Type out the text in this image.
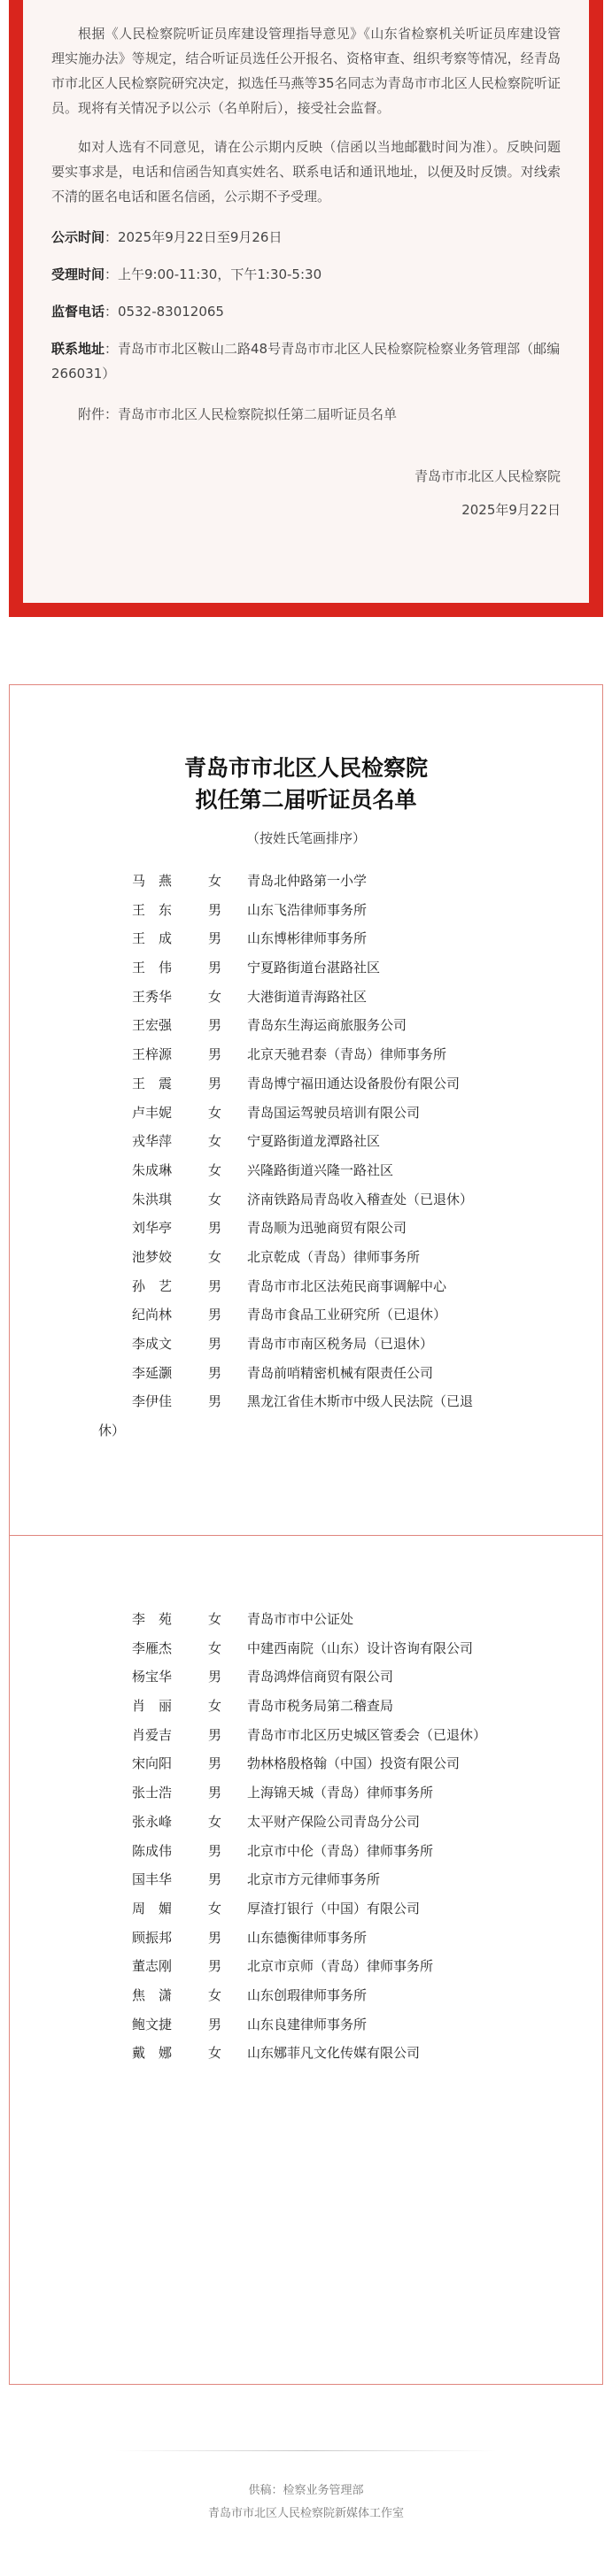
根据《人民检察院听证员库建设管理指导意见》《山东省检察机关听证员库建设管理实施办法》等规定，结合听证员选任公开报名、资格审查、组织考察等情况，经青岛市市北区人民检察院研究决定，拟选任马燕等35名同志为青岛市市北区人民检察院听证员。现将有关情况予以公示（名单附后），接受社会监督。

如对人选有不同意见，请在公示期内反映（信函以当地邮戳时间为准）。反映问题要实事求是，电话和信函告知真实姓名、联系电话和通讯地址，以便及时反馈。对线索不清的匿名电话和匿名信函，公示期不予受理。

公示时间：2025年9月22日至9月26日

受理时间：上午9:00-11:30，下午1:30-5:30

监督电话：0532-83012065

联系地址：青岛市市北区鞍山二路48号青岛市市北区人民检察院检察业务管理部（邮编266031）

附件：青岛市市北区人民检察院拟任第二届听证员名单

青岛市市北区人民检察院
2025年9月22日
青岛市市北区人民检察院
拟任第二届听证员名单
（按姓氏笔画排序）
马　燕	女 青岛北仲路第一小学
王　东	男 山东飞浩律师事务所
王　成	男 山东博彬律师事务所
王　伟	男 宁夏路街道台湛路社区
王秀华	女 大港街道青海路社区
王宏强	男 青岛东生海运商旅服务公司
王梓源	男 北京天驰君泰（青岛）律师事务所
王　震	男 青岛博宁福田通达设备股份有限公司
卢丰妮	女 青岛国运驾驶员培训有限公司
戎华萍	女 宁夏路街道龙潭路社区
朱成琳	女 兴隆路街道兴隆一路社区
朱洪琪	女 济南铁路局青岛收入稽查处（已退休）
刘华亭	男 青岛顺为迅驰商贸有限公司
池梦姣	女 北京乾成（青岛）律师事务所
孙　艺	男 青岛市市北区法苑民商事调解中心
纪尚林	男 青岛市食品工业研究所（已退休）
李成文	男 青岛市市南区税务局（已退休）
李延灏	男 青岛前哨精密机械有限责任公司
李伊佳	男 黑龙江省佳木斯市中级人民法院（已退
休）
李　苑	女 青岛市市中公证处
李雁杰	女 中建西南院（山东）设计咨询有限公司
杨宝华	男 青岛鸿烨信商贸有限公司
肖　丽	女 青岛市税务局第二稽查局
肖爱吉	男 青岛市市北区历史城区管委会（已退休）
宋向阳	男 勃林格殷格翰（中国）投资有限公司
张士浩	男 上海锦天城（青岛）律师事务所
张永峰	女 太平财产保险公司青岛分公司
陈成伟	男 北京市中伦（青岛）律师事务所
国丰华	男 北京市方元律师事务所
周　媚	女 厚渣打银行（中国）有限公司
顾振邦	男 山东德衡律师事务所
董志刚	男 北京市京师（青岛）律师事务所
焦　潇	女 山东创瑕律师事务所
鲍文捷	男 山东良建律师事务所
戴　娜	女 山东娜菲凡文化传媒有限公司
供稿：检察业务管理部
青岛市市北区人民检察院新媒体工作室
